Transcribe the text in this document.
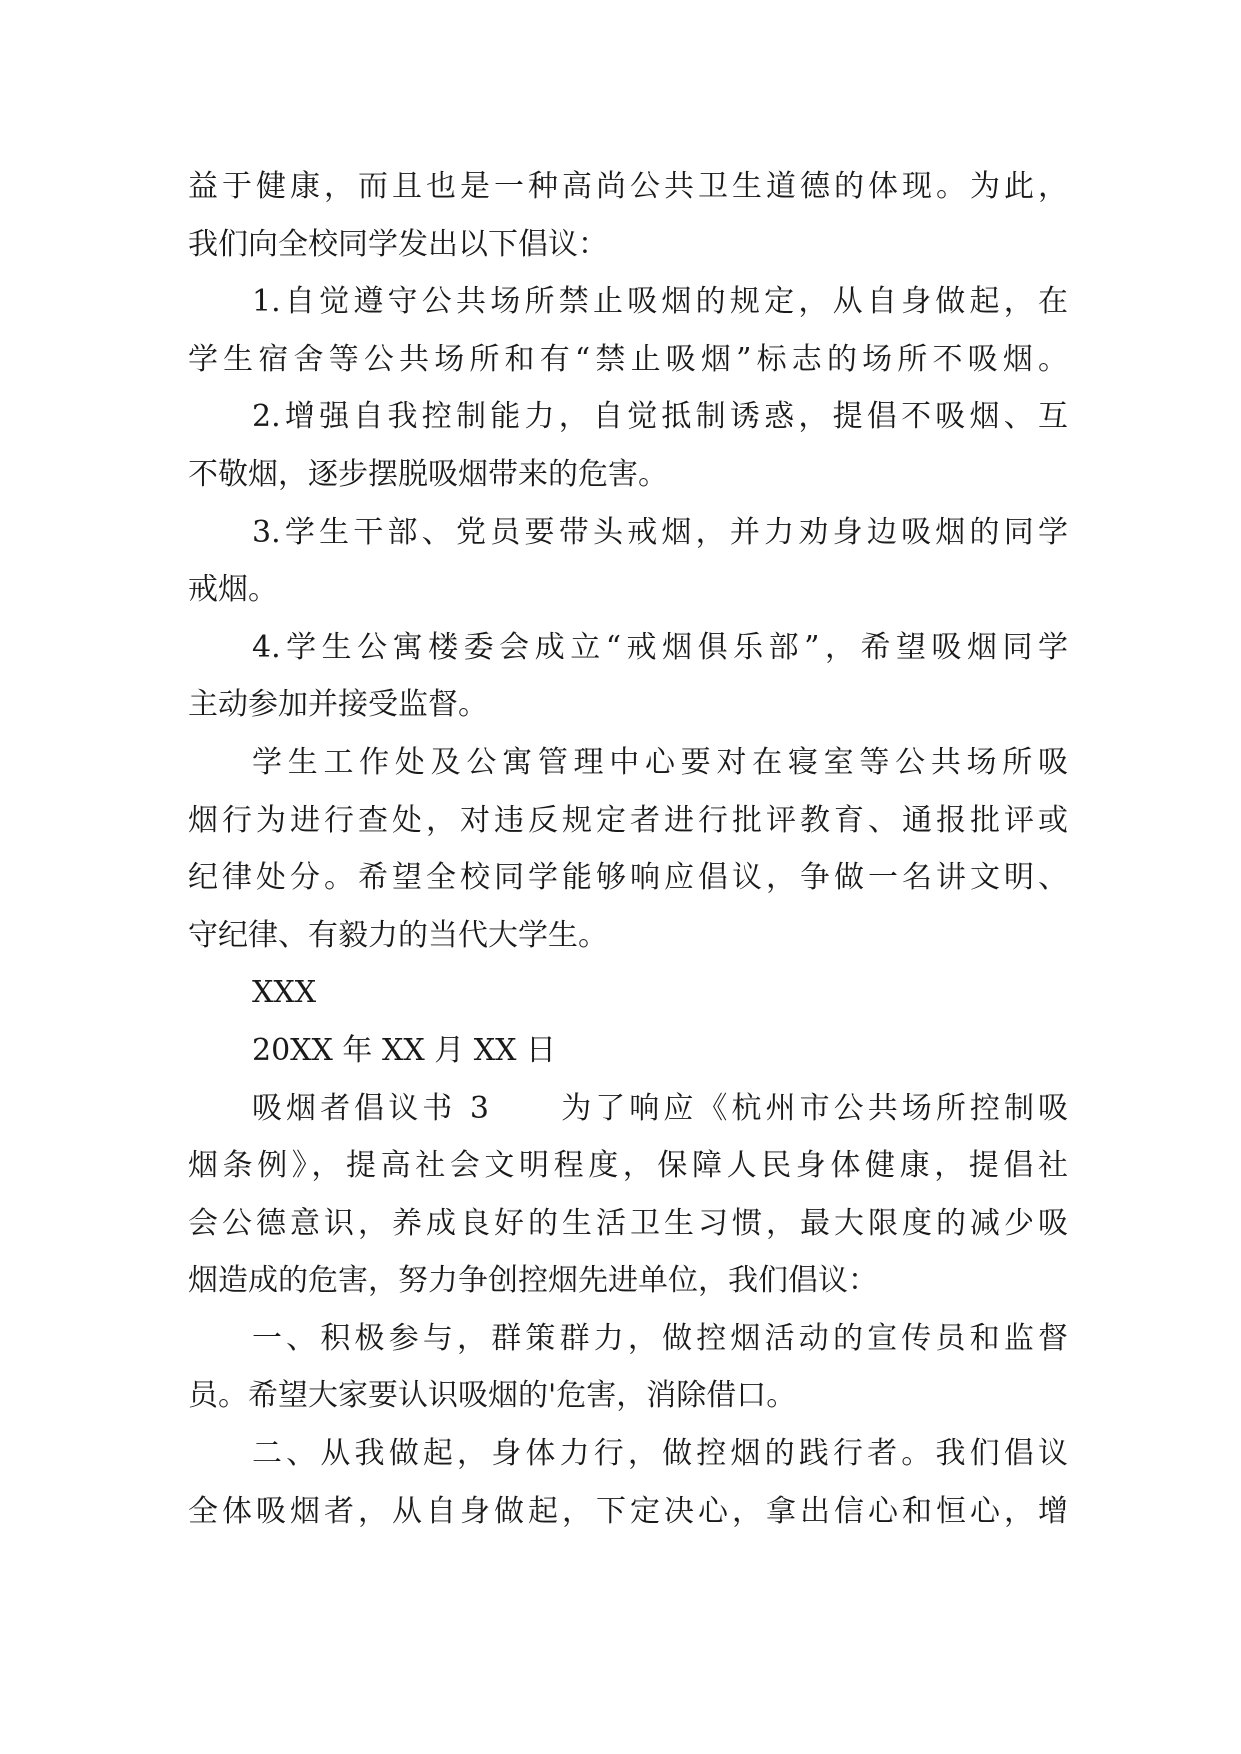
益于健康，而且也是一种高尚公共卫生道德的体现。为此，
我们向全校同学发出以下倡议：
1.自觉遵守公共场所禁止吸烟的规定，从自身做起，在
学生宿舍等公共场所和有“禁止吸烟”标志的场所不吸烟。
2.增强自我控制能力，自觉抵制诱惑，提倡不吸烟、互
不敬烟，逐步摆脱吸烟带来的危害。
3.学生干部、党员要带头戒烟，并力劝身边吸烟的同学
戒烟。
4.学生公寓楼委会成立“戒烟俱乐部”，希望吸烟同学
主动参加并接受监督。
学生工作处及公寓管理中心要对在寝室等公共场所吸
烟行为进行查处，对违反规定者进行批评教育、通报批评或
纪律处分。希望全校同学能够响应倡议，争做一名讲文明、
守纪律、有毅力的当代大学生。
XXX
20XX 年 XX 月 XX 日
吸烟者倡议书 3　　为了响应《杭州市公共场所控制吸
烟条例》，提高社会文明程度，保障人民身体健康，提倡社
会公德意识，养成良好的生活卫生习惯，最大限度的减少吸
烟造成的危害，努力争创控烟先进单位，我们倡议：
一、积极参与，群策群力，做控烟活动的宣传员和监督
员。希望大家要认识吸烟的'危害，消除借口。
二、从我做起，身体力行，做控烟的践行者。我们倡议
全体吸烟者，从自身做起，下定决心，拿出信心和恒心，增
